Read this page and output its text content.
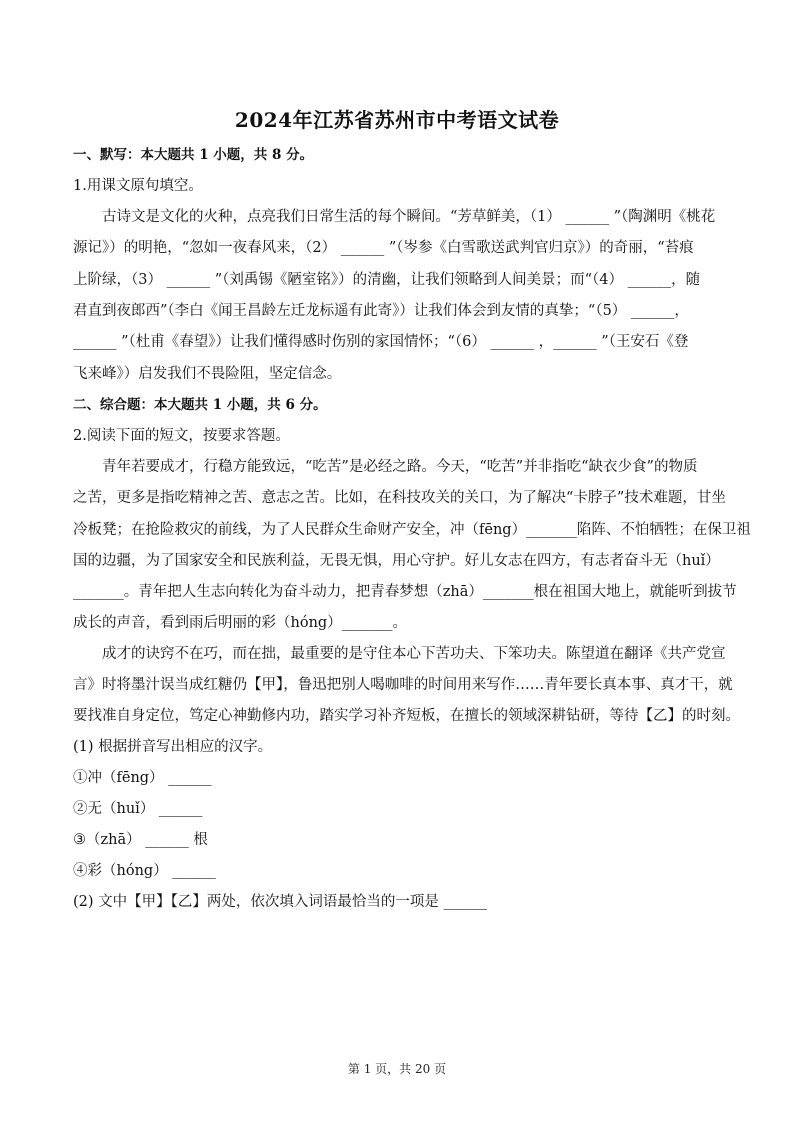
2024年江苏省苏州市中考语文试卷
一、默写：本大题共 1 小题，共 8 分。
1.用课文原句填空。
　　古诗文是文化的火种，点亮我们日常生活的每个瞬间。“芳草鲜美，（1） ______ ”（陶渊明《桃花
源记》）的明艳，“忽如一夜春风来，（2） ______ ”（岑参《白雪歌送武判官归京》）的奇丽，“苔痕
上阶绿，（3） ______ ”（刘禹锡《陋室铭》）的清幽，让我们领略到人间美景；而“（4） ______，随
君直到夜郎西”（李白《闻王昌龄左迁龙标遥有此寄》）让我们体会到友情的真挚；“（5） ______，
______ ”（杜甫《春望》）让我们懂得感时伤别的家国情怀；“（6） ______ ，______ ”（王安石《登
飞来峰》）启发我们不畏险阻，坚定信念。
二、综合题：本大题共 1 小题，共 6 分。
2.阅读下面的短文，按要求答题。
　　青年若要成才，行稳方能致远，“吃苦”是必经之路。今天，“吃苦”并非指吃“缺衣少食”的物质
之苦，更多是指吃精神之苦、意志之苦。比如，在科技攻关的关口，为了解决“卡脖子”技术难题，甘坐
冷板凳；在抢险救灾的前线，为了人民群众生命财产安全，冲（fēng）_______陷阵、不怕牺牲；在保卫祖
国的边疆，为了国家安全和民族利益，无畏无惧，用心守护。好儿女志在四方，有志者奋斗无（huǐ）
_______。青年把人生志向转化为奋斗动力，把青春梦想（zhā）_______根在祖国大地上，就能听到拔节
成长的声音，看到雨后明丽的彩（hóng）_______。
　　成才的诀窍不在巧，而在拙，最重要的是守住本心下苦功夫、下笨功夫。陈望道在翻译《共产党宣
言》时将墨汁误当成红糖仍【甲】，鲁迅把别人喝咖啡的时间用来写作……青年要长真本事、真才干，就
要找准自身定位，笃定心神勤修内功，踏实学习补齐短板，在擅长的领域深耕钻研，等待【乙】的时刻。
(1) 根据拼音写出相应的汉字。
①冲（fēng） ______
②无（huǐ） ______
③（zhā） ______ 根
④彩（hóng） ______
(2) 文中【甲】【乙】两处，依次填入词语最恰当的一项是 ______
第 1 页，共 20 页
